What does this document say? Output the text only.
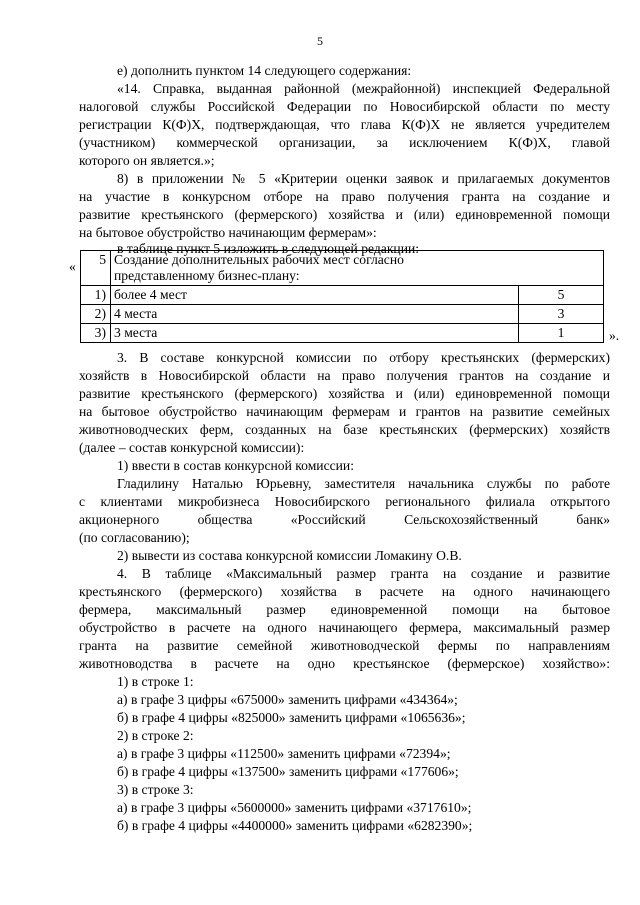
5
е) дополнить пунктом 14 следующего содержания:
«14. Справка, выданная районной (межрайонной) инспекцией Федеральной
налоговой службы Российской Федерации по Новосибирской области по месту
регистрации К(Ф)Х, подтверждающая, что глава К(Ф)Х не является учредителем
(участником) коммерческой организации, за исключением К(Ф)Х, главой
которого он является.»;
8) в приложении № 5 «Критерии оценки заявок и прилагаемых документов
на участие в конкурсном отборе на право получения гранта на создание и
развитие крестьянского (фермерского) хозяйства и (или) единовременной помощи
на бытовое обустройство начинающим фермерам»:
в таблице пункт 5 изложить в следующей редакции:
« 5	Создание дополнительных рабочих мест согласно
представленному бизнес-плану:	

1)	более 4 мест	5
2)	4 места	3
3)	3 места	1	».
3. В составе конкурсной комиссии по отбору крестьянских (фермерских)
хозяйств в Новосибирской области на право получения грантов на создание и
развитие крестьянского (фермерского) хозяйства и (или) единовременной помощи
на бытовое обустройство начинающим фермерам и грантов на развитие семейных
животноводческих ферм, созданных на базе крестьянских (фермерских) хозяйств
(далее – состав конкурсной комиссии):
1) ввести в состав конкурсной комиссии:
Гладилину Наталью Юрьевну, заместителя начальника службы по работе
с клиентами микробизнеса Новосибирского регионального филиала открытого
акционерного общества «Российский Сельскохозяйственный банк»
(по согласованию);
2) вывести из состава конкурсной комиссии Ломакину О.В.
4. В таблице «Максимальный размер гранта на создание и развитие
крестьянского (фермерского) хозяйства в расчете на одного начинающего
фермера, максимальный размер единовременной помощи на бытовое
обустройство в расчете на одного начинающего фермера, максимальный размер
гранта на развитие семейной животноводческой фермы по направлениям
животноводства в расчете на одно крестьянское (фермерское) хозяйство»:
1) в строке 1:
а) в графе 3 цифры «675000» заменить цифрами «434364»;
б) в графе 4 цифры «825000» заменить цифрами «1065636»;
2) в строке 2:
а) в графе 3 цифры «112500» заменить цифрами «72394»;
б) в графе 4 цифры «137500» заменить цифрами «177606»;
3) в строке 3:
а) в графе 3 цифры «5600000» заменить цифрами «3717610»;
б) в графе 4 цифры «4400000» заменить цифрами «6282390»;
